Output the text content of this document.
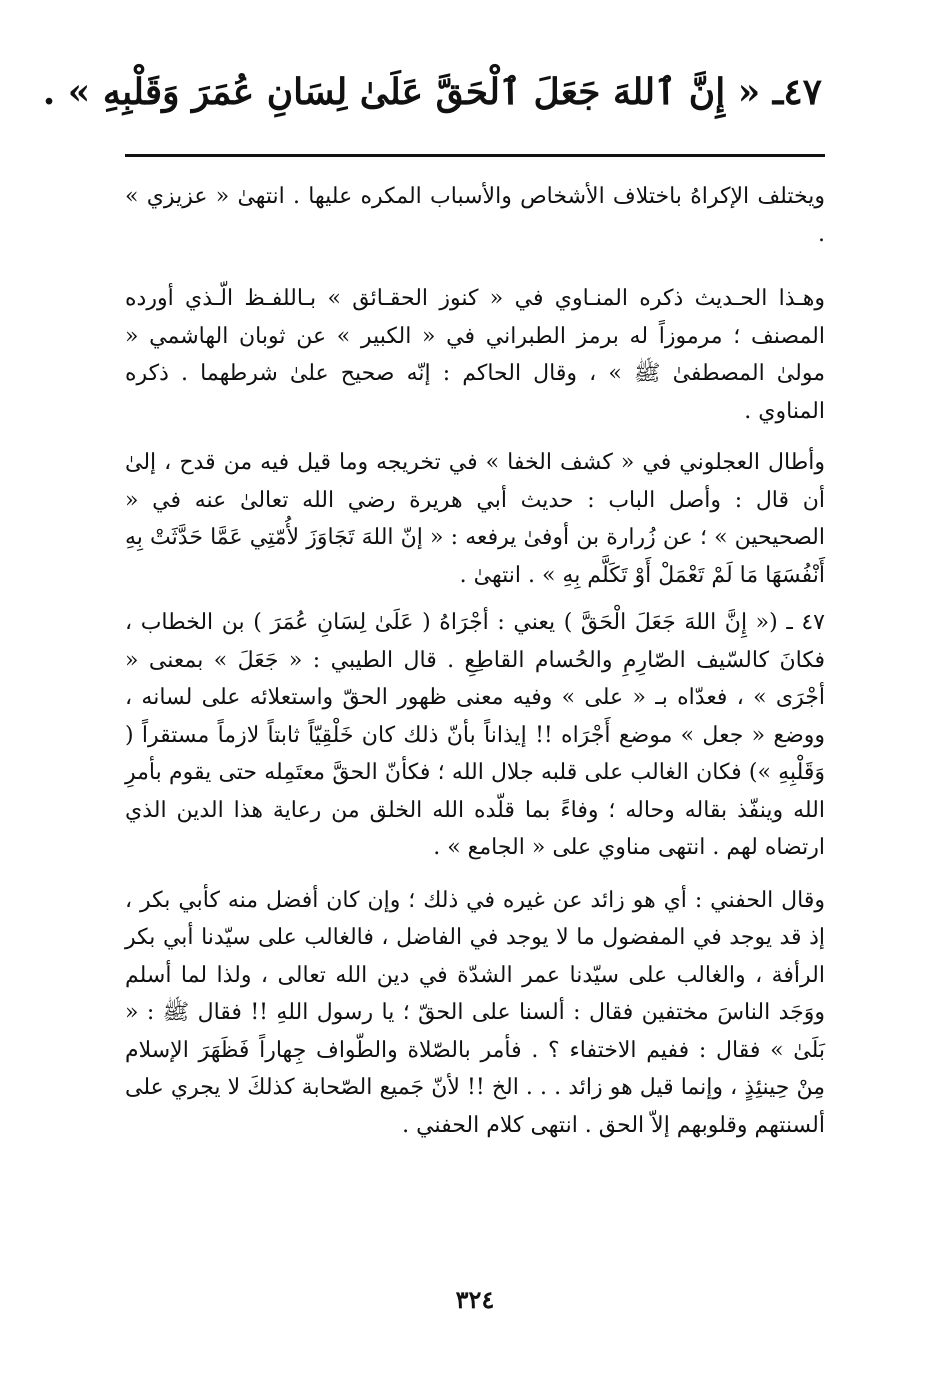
٤٧ـ « إِنَّ ٱللهَ جَعَلَ ٱلْحَقَّ عَلَىٰ لِسَانِ عُمَرَ وَقَلْبِهِ » .

ويختلف الإكراهُ باختلاف الأشخاص والأسباب المكره عليها . انتهىٰ « عزيزي » .

وهـذا الحـديث ذكره المنـاوي في « كنوز الحقـائق » بـاللفـظ الّـذي أورده المصنف ؛ مرموزاً له برمز الطبراني في « الكبير » عن ثوبان الهاشمي « مولىٰ المصطفىٰ ﷺ » ، وقال الحاكم : إنّه صحيح علىٰ شرطهما . ذكره المناوي .

وأطال العجلوني في « كشف الخفا » في تخريجه وما قيل فيه من قدح ، إلىٰ أن قال : وأصل الباب : حديث أبي هريرة رضي الله تعالىٰ عنه في « الصحيحين » ؛ عن زُرارة بن أوفىٰ يرفعه : « إنّ اللهَ تَجَاوَزَ لأُمّتِي عَمَّا حَدَّثَتْ بِهِ أَنْفُسَهَا مَا لَمْ تَعْمَلْ أَوْ تَكَلَّم بِهِ » . انتهىٰ .

٤٧ ـ (« إِنَّ اللهَ جَعَلَ الْحَقَّ ) يعني : أجْرَاهُ ( عَلَىٰ لِسَانِ عُمَرَ ) بن الخطاب ، فكانَ كالسّيف الصّارِمِ والحُسام القاطِعِ . قال الطيبي : « جَعَلَ » بمعنى « أجْرَى » ، فعدّاه بـ « على » وفيه معنى ظهور الحقّ واستعلائه على لسانه ، ووضع « جعل » موضع أَجْرَاه !! إيذاناً بأنّ ذلك كان خَلْقِيّاً ثابتاً لازماً مستقراً ( وَقَلْبِهِ ») فكان الغالب على قلبه جلال الله ؛ فكأنّ الحقَّ معتَمِله حتى يقوم بأمرِ الله وينفّذ بقاله وحاله ؛ وفاءً بما قلّده الله الخلق من رعاية هذا الدين الذي ارتضاه لهم . انتهى مناوي على « الجامع » .

وقال الحفني : أي هو زائد عن غيره في ذلك ؛ وإن كان أفضل منه كأبي بكر ، إذ قد يوجد في المفضول ما لا يوجد في الفاضل ، فالغالب على سيّدنا أبي بكر الرأفة ، والغالب على سيّدنا عمر الشدّة في دين الله تعالى ، ولذا لما أسلم ووَجَد الناسَ مختفين فقال : ألسنا على الحقّ ؛ يا رسول اللهِ !! فقال ﷺ : « بَلَىٰ » فقال : ففيم الاختفاء ؟ . فأمر بالصّلاة والطّواف جِهاراً فَظَهَرَ الإسلام مِنْ حِينئِذٍ ، وإنما قيل هو زائد . . . الخ !! لأنّ جَميع الصّحابة كذلكَ لا يجري على ألسنتهم وقلوبهم إلاّ الحق . انتهى كلام الحفني .

٣٢٤
